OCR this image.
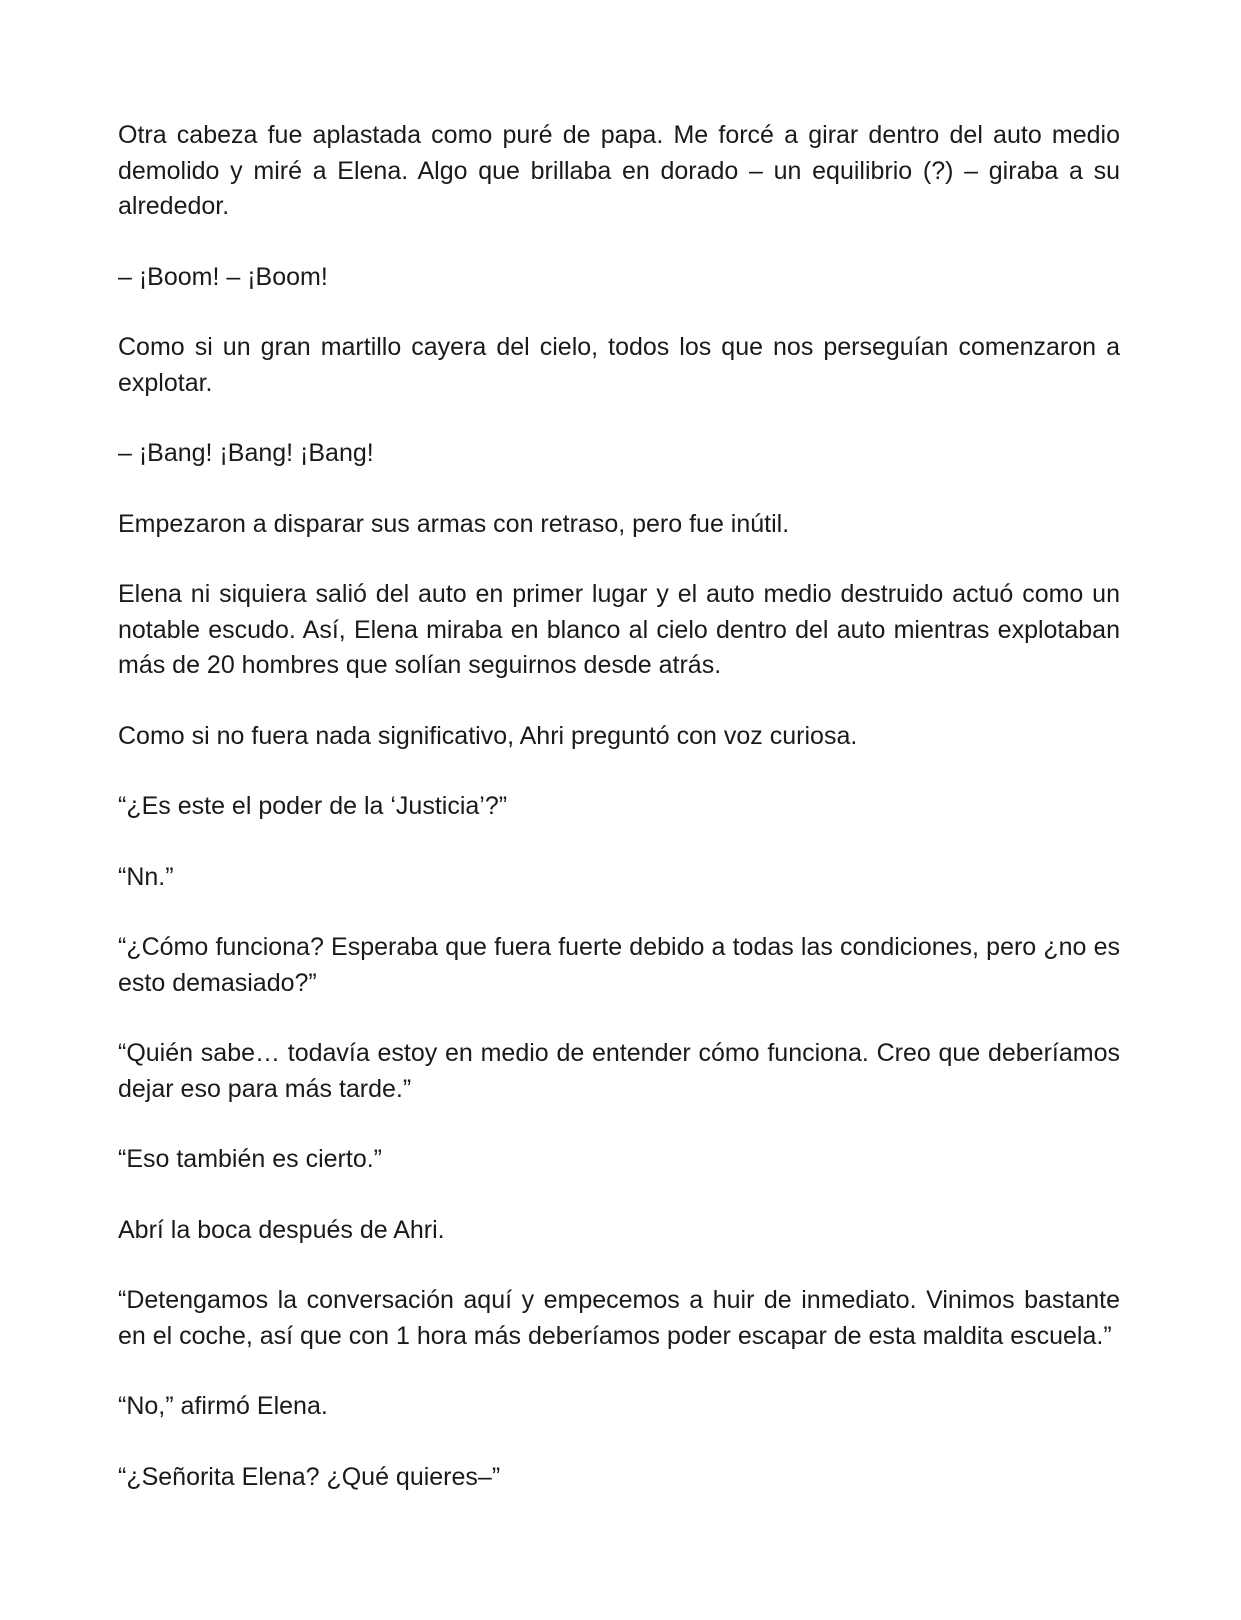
Otra cabeza fue aplastada como puré de papa. Me forcé a girar dentro del auto medio demolido y miré a Elena. Algo que brillaba en dorado – un equilibrio (?) – giraba a su alrededor.

– ¡Boom! – ¡Boom!

Como si un gran martillo cayera del cielo, todos los que nos perseguían comenzaron a explotar.

– ¡Bang! ¡Bang! ¡Bang!

Empezaron a disparar sus armas con retraso, pero fue inútil.

Elena ni siquiera salió del auto en primer lugar y el auto medio destruido actuó como un notable escudo. Así, Elena miraba en blanco al cielo dentro del auto mientras explotaban más de 20 hombres que solían seguirnos desde atrás.

Como si no fuera nada significativo, Ahri preguntó con voz curiosa.

“¿Es este el poder de la ‘Justicia’?”

“Nn.”

“¿Cómo funciona? Esperaba que fuera fuerte debido a todas las condiciones, pero ¿no es esto demasiado?”

“Quién sabe… todavía estoy en medio de entender cómo funciona. Creo que deberíamos dejar eso para más tarde.”

“Eso también es cierto.”

Abrí la boca después de Ahri.

“Detengamos la conversación aquí y empecemos a huir de inmediato. Vinimos bastante en el coche, así que con 1 hora más deberíamos poder escapar de esta maldita escuela.”

“No,” afirmó Elena.

“¿Señorita Elena? ¿Qué quieres–”
